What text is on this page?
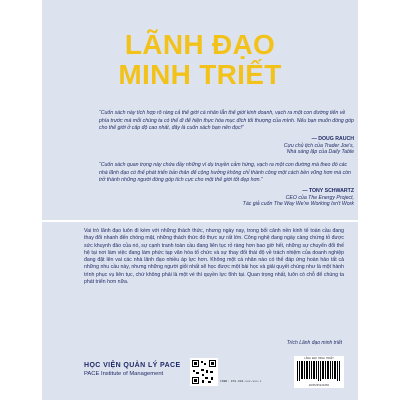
LÃNH ĐẠO
MINH TRIẾT

“Cuốn sách này tích hợp rõ ràng cả thế giới cá nhân lẫn thế giới kinh doanh, vạch ra một con đường tiến về phía trước mà mỗi chúng ta có thể đi để hiện thực hóa mục đích tối thượng của mình. Nếu bạn muốn đóng góp cho thế giới ở cấp độ cao nhất, đây là cuốn sách bạn nên đọc!”

— DOUG RAUCH
Cựu chủ tịch của Trader Joe's,
Nhà sáng lập của Daily Table

“Cuốn sách quan trọng này chứa đầy những ví dụ truyền cảm hứng, vạch ra một con đường mà theo đó các nhà lãnh đạo có thể phát triển bản thân để cộng hưởng không chỉ thành công một cách bền vững hơn mà còn trở thành những người đóng góp tích cực cho một thế giới tốt đẹp hơn.”

— TONY SCHWARTZ
CEO của The Energy Project,
Tác giả cuốn The Way We're Working Isn't Work
Vai trò lãnh đạo luôn đi kèm với những thách thức, nhưng ngày nay, trong bối cảnh nền kinh tế toàn cầu đang thay đổi nhanh đến chóng mặt, những thách thức đó thực sự rất lớn. Công nghệ đang ngày càng chứng tỏ được sức khuynh đảo của nó, sự cạnh tranh toàn cầu đang liên tục rỏ ràng hơn bao giờ hết, những sự chuyển đổi thế hệ tại nơi làm việc đang làm phức tạp văn hóa tổ chức và sự thay đổi thái độ về trách nhiệm của doanh nghiệp đang đặt lên vai các nhà lãnh đạo nhiều áp lực hơn. Không một cá nhân nào có thể đáp ứng hoàn hảo tất cả những nhu cầu này, nhưng những người giỏi nhất sẽ học được một bài học và giải quyết chúng như là một hành trình phục vụ liên tục, chứ không phải là một vé thì quyền lực tĩnh tại. Quan trọng nhất, luôn có chỗ để chúng ta phát triển hơn nữa.
Trích Lãnh đạo minh triết
HỌC VIỆN QUẢN LÝ PACE
PACE Institute of Management
ISBN: 978-604-xxx-xxx-x
LÃNH ĐẠO MINH TRIẾT
8935235229456
